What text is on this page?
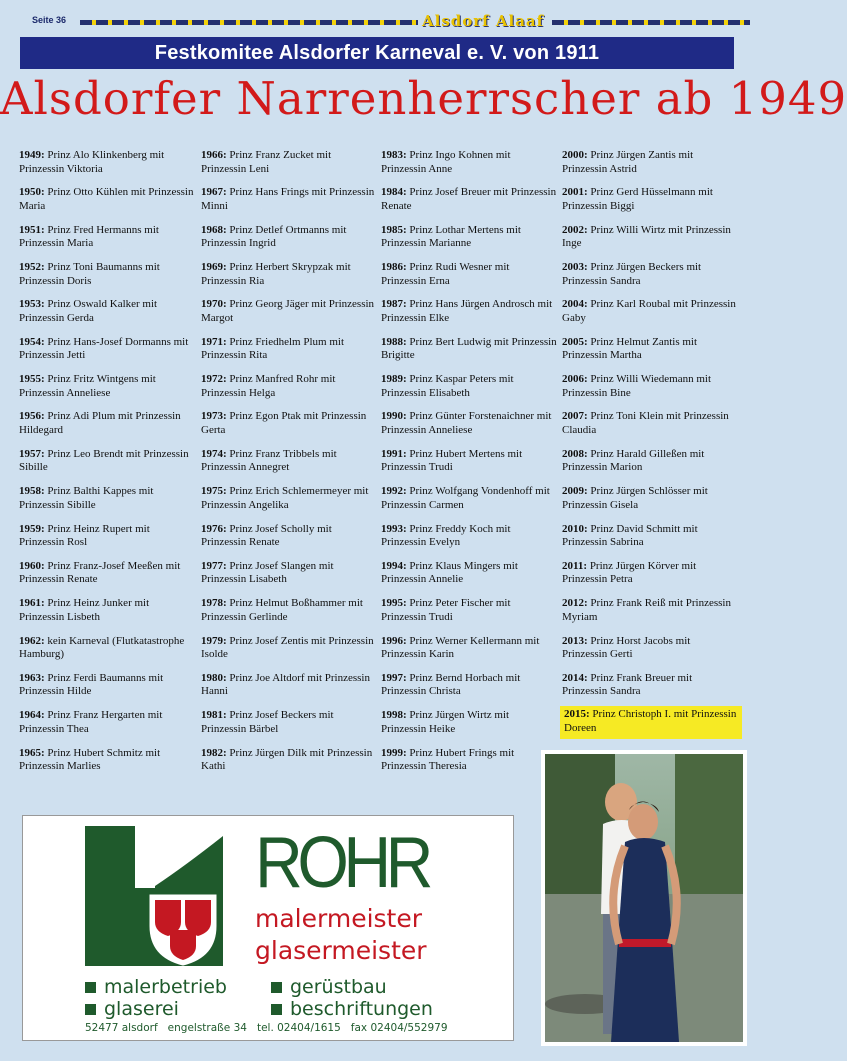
Seite 36	Alsdorf Alaaf
Festkomitee Alsdorfer Karneval e. V. von 1911
Alsdorfer Narrenherrscher ab 1949
1949: Prinz Alo Klinkenberg mit Prinzessin Viktoria
1950: Prinz Otto Kühlen mit Prinzessin Maria
1951: Prinz Fred Hermanns mit Prinzessin Maria
1952: Prinz Toni Baumanns mit Prinzessin Doris
1953: Prinz Oswald Kalker mit Prinzessin Gerda
1954: Prinz Hans-Josef Dormanns mit Prinzessin Jetti
1955: Prinz Fritz Wintgens mit Prinzessin Anneliese
1956: Prinz Adi Plum mit Prinzessin Hildegard
1957: Prinz Leo Brendt mit Prinzessin Sibille
1958: Prinz Balthi Kappes mit Prinzessin Sibille
1959: Prinz Heinz Rupert mit Prinzessin Rosl
1960: Prinz Franz-Josef Meeßen mit Prinzessin Renate
1961: Prinz Heinz Junker mit Prinzessin Lisbeth
1962: kein Karneval (Flutkatastrophe Hamburg)
1963: Prinz Ferdi Baumanns mit Prinzessin Hilde
1964: Prinz Franz Hergarten mit Prinzessin Thea
1965: Prinz Hubert Schmitz mit Prinzessin Marlies
1966: Prinz Franz Zucket mit Prinzessin Leni
1967: Prinz Hans Frings mit Prinzessin Minni
1968: Prinz Detlef Ortmanns mit Prinzessin Ingrid
1969: Prinz Herbert Skrypzak mit Prinzessin Ria
1970: Prinz Georg Jäger mit Prinzessin Margot
1971: Prinz Friedhelm Plum mit Prinzessin Rita
1972: Prinz Manfred Rohr mit Prinzessin Helga
1973: Prinz Egon Ptak mit Prinzessin Gerta
1974: Prinz Franz Tribbels mit Prinzessin Annegret
1975: Prinz Erich Schlemermeyer mit Prinzessin Angelika
1976: Prinz Josef Scholly mit Prinzessin Renate
1977: Prinz Josef Slangen mit Prinzessin Lisabeth
1978: Prinz Helmut Boßhammer mit Prinzessin Gerlinde
1979: Prinz Josef Zentis mit Prinzessin Isolde
1980: Prinz Joe Altdorf mit Prinzessin Hanni
1981: Prinz Josef Beckers mit Prinzessin Bärbel
1982: Prinz Jürgen Dilk mit Prinzessin Kathi
1983: Prinz Ingo Kohnen mit Prinzessin Anne
1984: Prinz Josef Breuer mit Prinzessin Renate
1985: Prinz Lothar Mertens mit Prinzessin Marianne
1986: Prinz Rudi Wesner mit Prinzessin Erna
1987: Prinz Hans Jürgen Androsch mit Prinzessin Elke
1988: Prinz Bert Ludwig mit Prinzessin Brigitte
1989: Prinz Kaspar Peters mit Prinzessin Elisabeth
1990: Prinz Günter Forstenaichner mit Prinzessin Anneliese
1991: Prinz Hubert Mertens mit Prinzessin Trudi
1992: Prinz Wolfgang Vondenhoff mit Prinzessin Carmen
1993: Prinz Freddy Koch mit Prinzessin Evelyn
1994: Prinz Klaus Mingers mit Prinzessin Annelie
1995: Prinz Peter Fischer mit Prinzessin Trudi
1996: Prinz Werner Kellermann mit Prinzessin Karin
1997: Prinz Bernd Horbach mit Prinzessin Christa
1998: Prinz Jürgen Wirtz mit Prinzessin Heike
1999: Prinz Hubert Frings mit Prinzessin Theresia
2000: Prinz Jürgen Zantis mit Prinzessin Astrid
2001: Prinz Gerd Hüsselmann mit Prinzessin Biggi
2002: Prinz Willi Wirtz mit Prinzessin Inge
2003: Prinz Jürgen Beckers mit Prinzessin Sandra
2004: Prinz Karl Roubal mit Prinzessin Gaby
2005: Prinz Helmut Zantis mit Prinzessin Martha
2006: Prinz Willi Wiedemann mit Prinzessin Bine
2007: Prinz Toni Klein mit Prinzessin Claudia
2008: Prinz Harald Gilleßen mit Prinzessin Marion
2009: Prinz Jürgen Schlösser mit Prinzessin Gisela
2010: Prinz David Schmitt mit Prinzessin Sabrina
2011: Prinz Jürgen Körver mit Prinzessin Petra
2012: Prinz Frank Reiß mit Prinzessin Myriam
2013: Prinz Horst Jacobs mit Prinzessin Gerti
2014: Prinz Frank Breuer mit Prinzessin Sandra
2015: Prinz Christoph I. mit Prinzessin Doreen
ROHR
malermeister
glasermeister
malerbetrieb	gerüstbau
glaserei	beschriftungen
52477 alsdorf   engelstraße 34   tel. 02404/1615   fax 02404/552979
